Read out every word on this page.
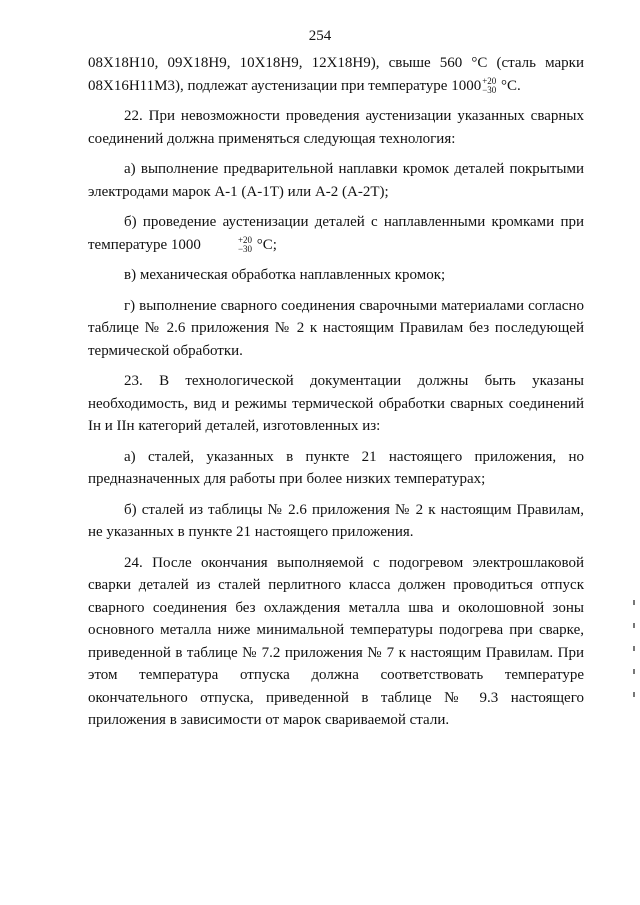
254

08Х18Н10, 09Х18Н9, 10Х18Н9, 12Х18Н9), свыше 560 °С (сталь марки 08Х16Н11М3), подлежат аустенизации при температуре 1000 +20
−30 °С.

22. При невозможности проведения аустенизации указанных сварных соединений должна применяться следующая технология:

а) выполнение предварительной наплавки кромок деталей покрытыми электродами марок А-1 (А-1Т) или А-2 (А-2Т);

б) проведение аустенизации деталей с наплавленными кромками при температуре 1000	+20
−30 °С;

в) механическая обработка наплавленных кромок;

г) выполнение сварного соединения сварочными материалами согласно таблице № 2.6 приложения № 2 к настоящим Правилам без последующей термической обработки.

23. В технологической документации должны быть указаны необходимость, вид и режимы термической обработки сварных соединений Iн и IIн категорий деталей, изготовленных из:

а) сталей, указанных в пункте 21 настоящего приложения, но предназначенных для работы при более низких температурах;

б) сталей из таблицы № 2.6 приложения № 2 к настоящим Правилам, не указанных в пункте 21 настоящего приложения.

24. После окончания выполняемой с подогревом электрошлаковой сварки деталей из сталей перлитного класса должен проводиться отпуск сварного соединения без охлаждения металла шва и околошовной зоны основного металла ниже минимальной температуры подогрева при сварке, приведенной в таблице № 7.2 приложения № 7 к настоящим Правилам. При этом температура отпуска должна соответствовать температуре окончательного отпуска, приведенной в таблице № 9.3 настоящего приложения в зависимости от марок свариваемой стали.
